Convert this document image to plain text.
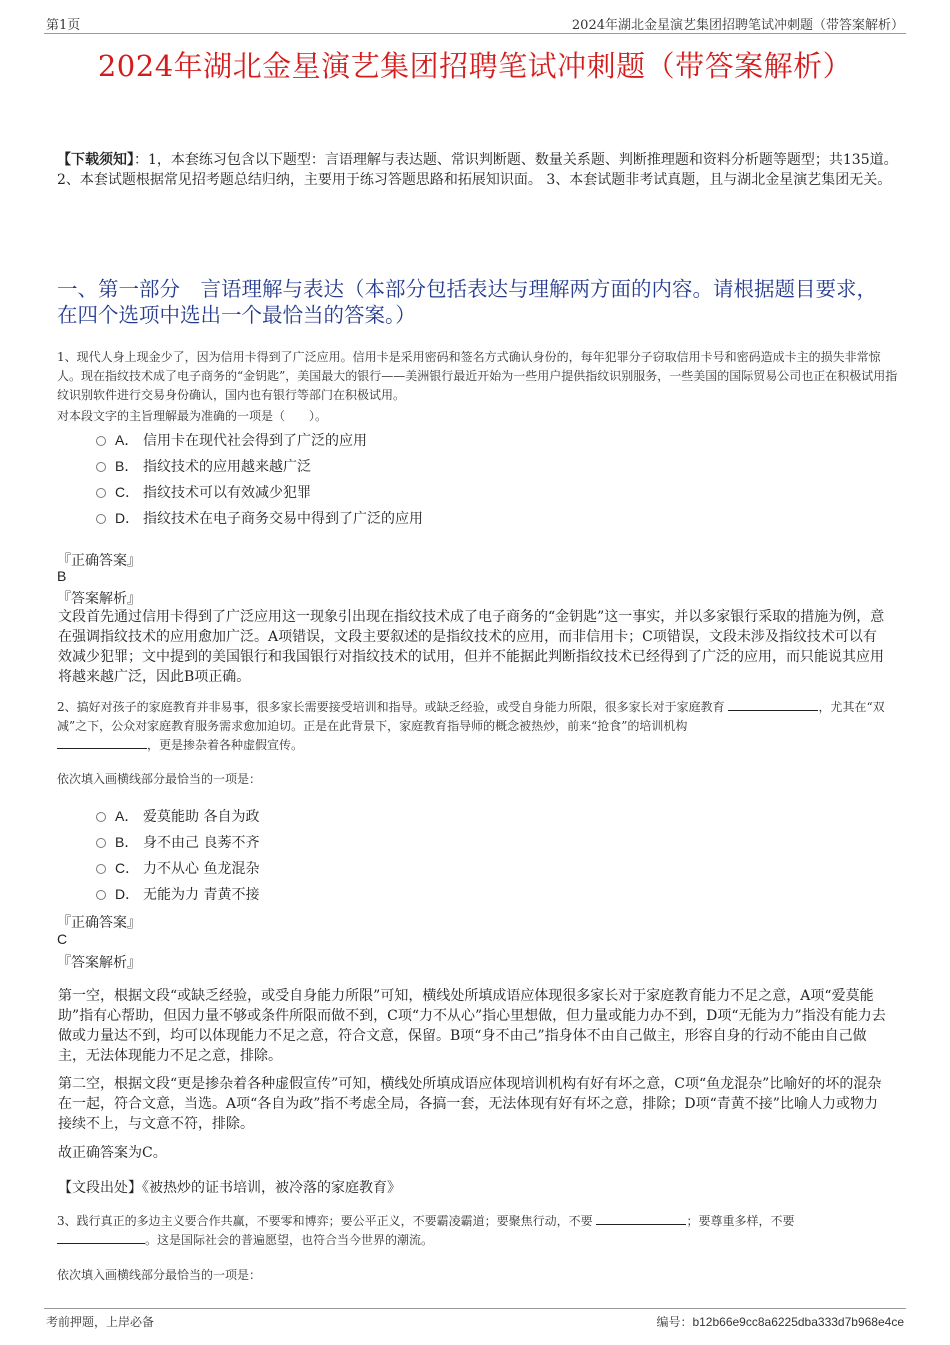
第1页	2024年湖北金星演艺集团招聘笔试冲刺题（带答案解析）
2024年湖北金星演艺集团招聘笔试冲刺题（带答案解析）
【下载须知】：1，本套练习包含以下题型：言语理解与表达题、常识判断题、数量关系题、判断推理题和资料分析题等题型；共135道。 2、本套试题根据常见招考题总结归纳，主要用于练习答题思路和拓展知识面。 3、本套试题非考试真题，且与湖北金星演艺集团无关。
一、第一部分　言语理解与表达（本部分包括表达与理解两方面的内容。请根据题目要求，在四个选项中选出一个最恰当的答案。）
1、现代人身上现金少了，因为信用卡得到了广泛应用。信用卡是采用密码和签名方式确认身份的，每年犯罪分子窃取信用卡号和密码造成卡主的损失非常惊人。现在指纹技术成了电子商务的“金钥匙”，美国最大的银行——美洲银行最近开始为一些用户提供指纹识别服务，一些美国的国际贸易公司也正在积极试用指纹识别软件进行交易身份确认，国内也有银行等部门在积极试用。
对本段文字的主旨理解最为准确的一项是（　　）。
A． 信用卡在现代社会得到了广泛的应用
B． 指纹技术的应用越来越广泛
C． 指纹技术可以有效减少犯罪
D． 指纹技术在电子商务交易中得到了广泛的应用
『正确答案』
B
『答案解析』
文段首先通过信用卡得到了广泛应用这一现象引出现在指纹技术成了电子商务的“金钥匙”这一事实，并以多家银行采取的措施为例，意在强调指纹技术的应用愈加广泛。A项错误，文段主要叙述的是指纹技术的应用，而非信用卡；C项错误，文段未涉及指纹技术可以有效减少犯罪；文中提到的美国银行和我国银行对指纹技术的试用，但并不能据此判断指纹技术已经得到了广泛的应用，而只能说其应用将越来越广泛，因此B项正确。
2、搞好对孩子的家庭教育并非易事，很多家长需要接受培训和指导。或缺乏经验，或受自身能力所限，很多家长对于家庭教育	，尤其在“双减”之下，公众对家庭教育服务需求愈加迫切。正是在此背景下，家庭教育指导师的概念被热炒，前来“抢食”的培训机构
，更是掺杂着各种虚假宣传。
依次填入画横线部分最恰当的一项是：
A． 爱莫能助 各自为政
B． 身不由己 良莠不齐
C． 力不从心 鱼龙混杂
D． 无能为力 青黄不接
『正确答案』
C
『答案解析』
第一空，根据文段“或缺乏经验，或受自身能力所限”可知，横线处所填成语应体现很多家长对于家庭教育能力不足之意，A项“爱莫能助”指有心帮助，但因力量不够或条件所限而做不到，C项“力不从心”指心里想做，但力量或能力办不到，D项“无能为力”指没有能力去做或力量达不到，均可以体现能力不足之意，符合文意，保留。B项“身不由己”指身体不由自己做主，形容自身的行动不能由自己做主，无法体现能力不足之意，排除。
第二空，根据文段“更是掺杂着各种虚假宣传”可知，横线处所填成语应体现培训机构有好有坏之意，C项“鱼龙混杂”比喻好的坏的混杂在一起，符合文意，当选。A项“各自为政”指不考虑全局，各搞一套，无法体现有好有坏之意，排除；D项“青黄不接”比喻人力或物力接续不上，与文意不符，排除。
故正确答案为C。
【文段出处】《被热炒的证书培训，被冷落的家庭教育》
3、践行真正的多边主义要合作共赢，不要零和博弈；要公平正义，不要霸凌霸道；要聚焦行动，不要	；要尊重多样，不要
。这是国际社会的普遍愿望，也符合当今世界的潮流。
依次填入画横线部分最恰当的一项是：
考前押题，上岸必备	编号：b12b66e9cc8a6225dba333d7b968e4ce
